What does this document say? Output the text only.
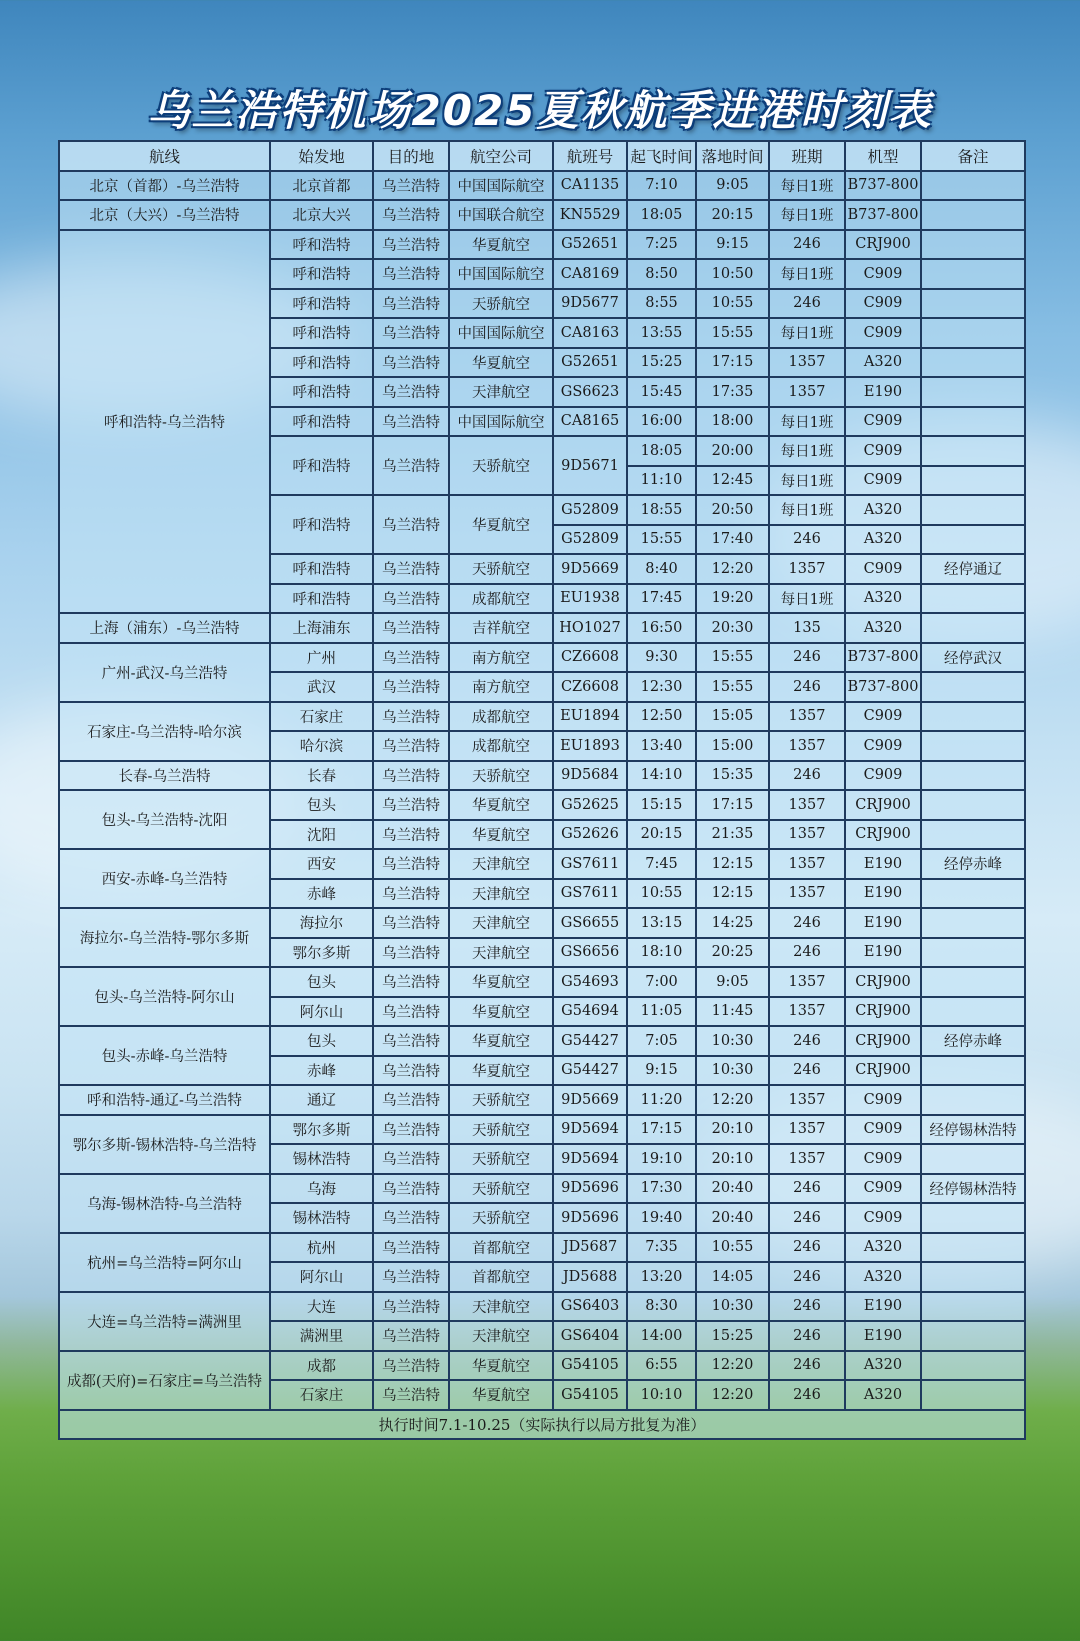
乌兰浩特机场2025夏秋航季进港时刻表
航线	始发地	目的地	航空公司	航班号	起飞时间	落地时间	班期	机型	备注
北京（首都）-乌兰浩特	北京首都	乌兰浩特	中国国际航空	CA1135	7:10	9:05	每日1班	B737-800	
北京（大兴）-乌兰浩特	北京大兴	乌兰浩特	中国联合航空	KN5529	18:05	20:15	每日1班	B737-800	
呼和浩特-乌兰浩特	呼和浩特	乌兰浩特	华夏航空	G52651	7:25	9:15	246	CRJ900	
	呼和浩特	乌兰浩特	中国国际航空	CA8169	8:50	10:50	每日1班	C909	
	呼和浩特	乌兰浩特	天骄航空	9D5677	8:55	10:55	246	C909	
	呼和浩特	乌兰浩特	中国国际航空	CA8163	13:55	15:55	每日1班	C909	
	呼和浩特	乌兰浩特	华夏航空	G52651	15:25	17:15	1357	A320	
	呼和浩特	乌兰浩特	天津航空	GS6623	15:45	17:35	1357	E190	
	呼和浩特	乌兰浩特	中国国际航空	CA8165	16:00	18:00	每日1班	C909	
	呼和浩特	乌兰浩特	天骄航空	9D5671	18:05	20:00	每日1班	C909	
					11:10	12:45	每日1班	C909	
	呼和浩特	乌兰浩特	华夏航空	G52809	18:55	20:50	每日1班	A320	
				G52809	15:55	17:40	246	A320	
	呼和浩特	乌兰浩特	天骄航空	9D5669	8:40	12:20	1357	C909	经停通辽
	呼和浩特	乌兰浩特	成都航空	EU1938	17:45	19:20	每日1班	A320	
上海（浦东）-乌兰浩特	上海浦东	乌兰浩特	吉祥航空	HO1027	16:50	20:30	135	A320	
广州-武汉-乌兰浩特	广州	乌兰浩特	南方航空	CZ6608	9:30	15:55	246	B737-800	经停武汉
	武汉	乌兰浩特	南方航空	CZ6608	12:30	15:55	246	B737-800	
石家庄-乌兰浩特-哈尔滨	石家庄	乌兰浩特	成都航空	EU1894	12:50	15:05	1357	C909	
	哈尔滨	乌兰浩特	成都航空	EU1893	13:40	15:00	1357	C909	
长春-乌兰浩特	长春	乌兰浩特	天骄航空	9D5684	14:10	15:35	246	C909	
包头-乌兰浩特-沈阳	包头	乌兰浩特	华夏航空	G52625	15:15	17:15	1357	CRJ900	
	沈阳	乌兰浩特	华夏航空	G52626	20:15	21:35	1357	CRJ900	
西安-赤峰-乌兰浩特	西安	乌兰浩特	天津航空	GS7611	7:45	12:15	1357	E190	经停赤峰
	赤峰	乌兰浩特	天津航空	GS7611	10:55	12:15	1357	E190	
海拉尔-乌兰浩特-鄂尔多斯	海拉尔	乌兰浩特	天津航空	GS6655	13:15	14:25	246	E190	
	鄂尔多斯	乌兰浩特	天津航空	GS6656	18:10	20:25	246	E190	
包头-乌兰浩特-阿尔山	包头	乌兰浩特	华夏航空	G54693	7:00	9:05	1357	CRJ900	
	阿尔山	乌兰浩特	华夏航空	G54694	11:05	11:45	1357	CRJ900	
包头-赤峰-乌兰浩特	包头	乌兰浩特	华夏航空	G54427	7:05	10:30	246	CRJ900	经停赤峰
	赤峰	乌兰浩特	华夏航空	G54427	9:15	10:30	246	CRJ900	
呼和浩特-通辽-乌兰浩特	通辽	乌兰浩特	天骄航空	9D5669	11:20	12:20	1357	C909	
鄂尔多斯-锡林浩特-乌兰浩特	鄂尔多斯	乌兰浩特	天骄航空	9D5694	17:15	20:10	1357	C909	经停锡林浩特
	锡林浩特	乌兰浩特	天骄航空	9D5694	19:10	20:10	1357	C909	
乌海-锡林浩特-乌兰浩特	乌海	乌兰浩特	天骄航空	9D5696	17:30	20:40	246	C909	经停锡林浩特
	锡林浩特	乌兰浩特	天骄航空	9D5696	19:40	20:40	246	C909	
杭州=乌兰浩特=阿尔山	杭州	乌兰浩特	首都航空	JD5687	7:35	10:55	246	A320	
	阿尔山	乌兰浩特	首都航空	JD5688	13:20	14:05	246	A320	
大连=乌兰浩特=满洲里	大连	乌兰浩特	天津航空	GS6403	8:30	10:30	246	E190	
	满洲里	乌兰浩特	天津航空	GS6404	14:00	15:25	246	E190	
成都(天府)=石家庄=乌兰浩特	成都	乌兰浩特	华夏航空	G54105	6:55	12:20	246	A320	
	石家庄	乌兰浩特	华夏航空	G54105	10:10	12:20	246	A320	
执行时间7.1-10.25（实际执行以局方批复为准）									
